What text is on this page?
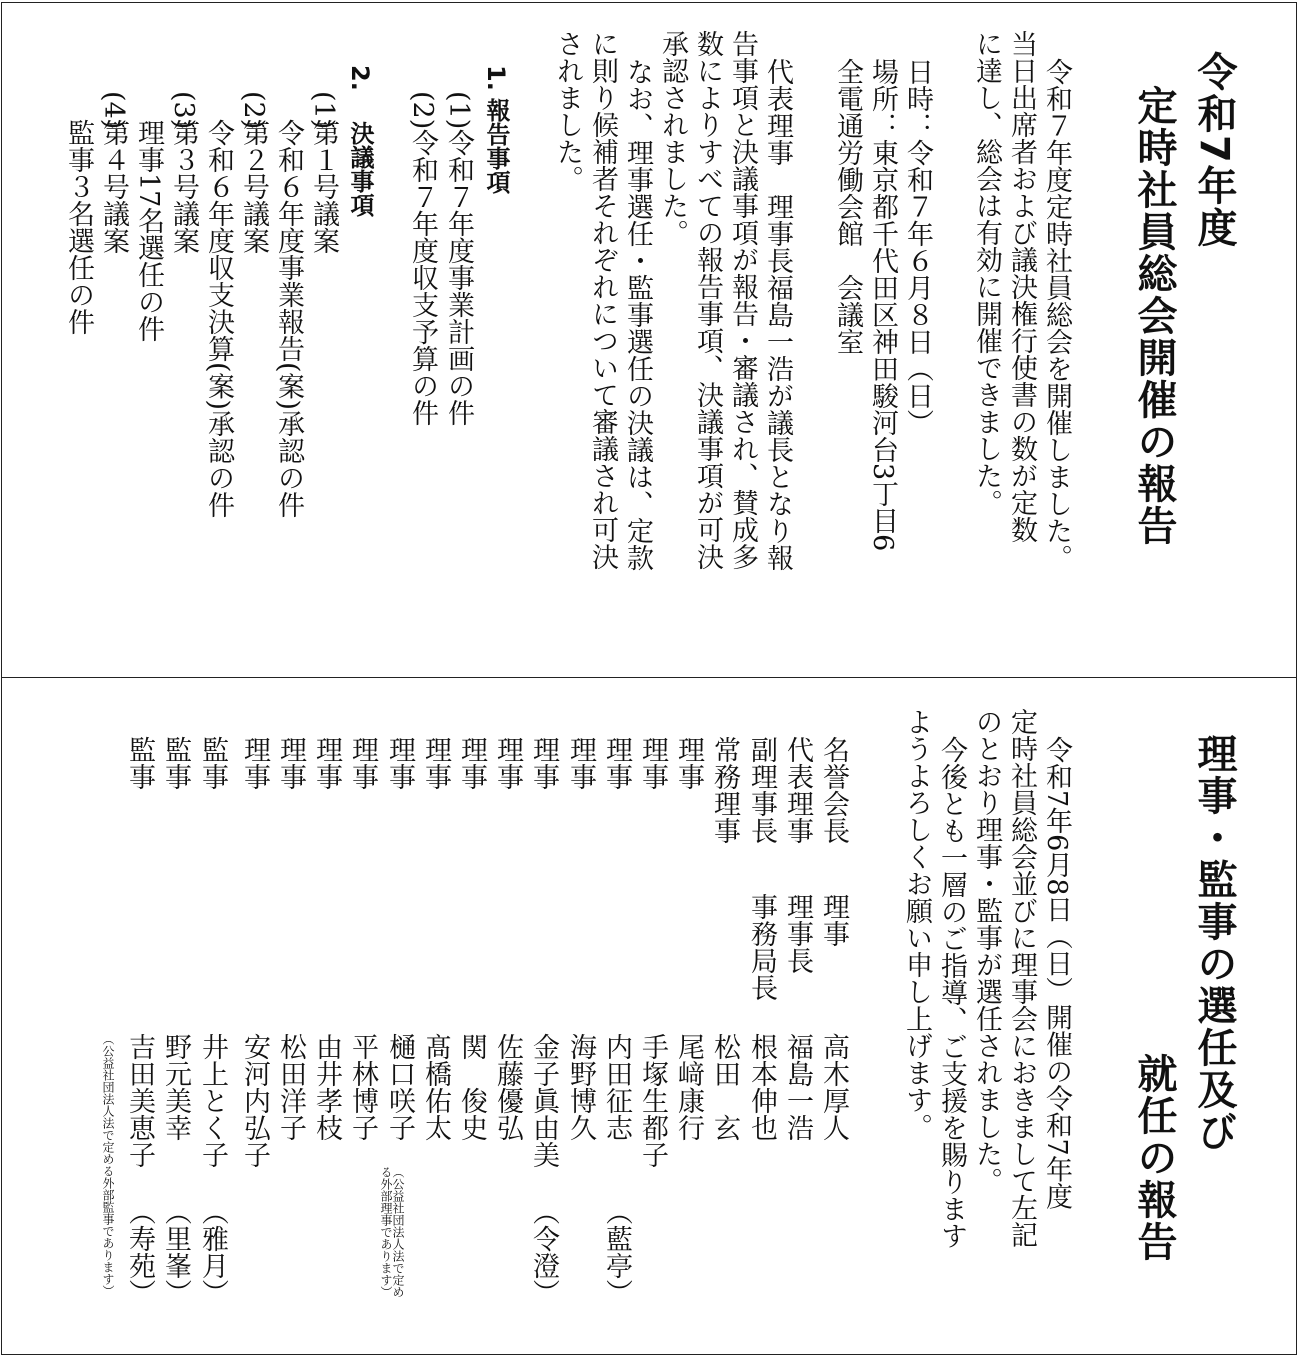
令和7年度
定時社員総会開催の報告
令和７年度定時社員総会を開催しました。
当日出席者および議決権行使書の数が定数
に達し、総会は有効に開催できました。
日時：令和７年６月８日（日）
場所：東京都千代田区神田駿河台3丁目6
全電通労働会館　会議室
代表理事　理事長福島一浩が議長となり報
告事項と決議事項が報告・審議され、賛成多
数によりすべての報告事項、決議事項が可決
承認されました。
なお、理事選任・監事選任の決議は、定款
に則り候補者それぞれについて審議され可決
されました。
1.
報告事項
(1)令和７年度事業計画の件
(2)令和７年度収支予算の件
2.
決議事項
(1)
第１号議案
令和６年度事業報告(案)承認の件
(2)
第２号議案
令和６年度収支決算(案)承認の件
(3)
第３号議案
理事17名選任の件
(4)
第４号議案
監事３名選任の件
理事・監事の選任及び
就任の報告
令和7年6月8日（日）開催の令和7年度
定時社員総会並びに理事会におきまして左記
のとおり理事・監事が選任されました。
今後とも一層のご指導、ご支援を賜ります
ようよろしくお願い申し上げます。
名誉会長
理事
高木厚人
代表理事
理事長
福島一浩
副理事長
事務局長
根本伸也
常務理事
松田　玄
理事
尾﨑康行
理事
手塚生都子
理事
内田征志
（藍亭）
理事
海野博久
理事
金子眞由美
（令澄）
理事
佐藤優弘
理事
関　俊史
理事
髙橋佑太
理事
樋口咲子
（公益社団法人法で定め
る外部理事であります）
理事
平林博子
理事
由井孝枝
理事
松田洋子
理事
安河内弘子
監事
井上とく子
（雅月）
監事
野元美幸
（里峯）
監事
吉田美恵子
（寿苑）
（公益社団法人法で定める外部監事であります）
